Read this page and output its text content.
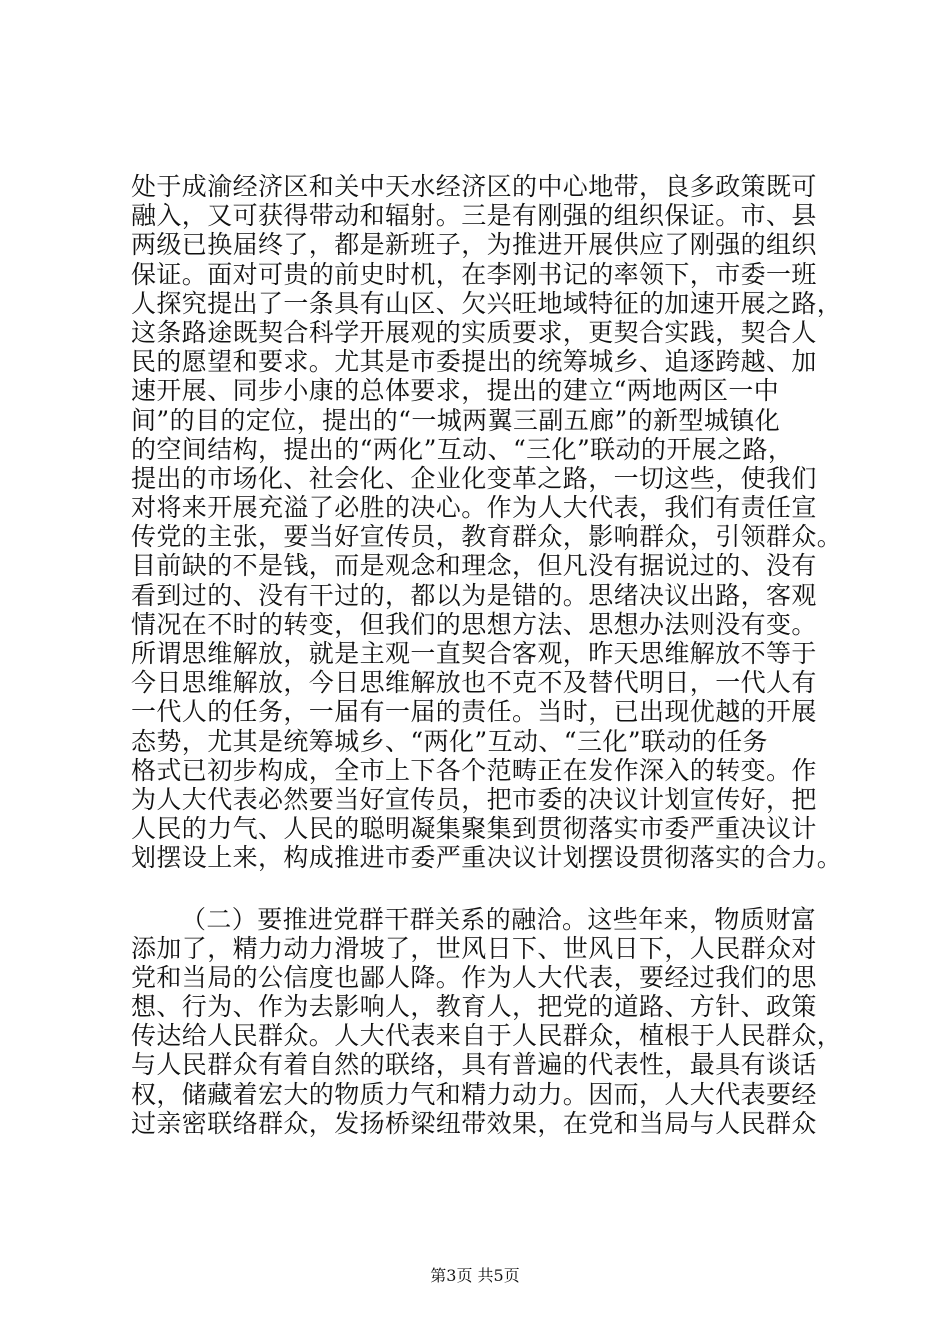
处于成渝经济区和关中天水经济区的中心地带，良多政策既可
融入，又可获得带动和辐射。三是有刚强的组织保证。市、县
两级已换届终了，都是新班子，为推进开展供应了刚强的组织
保证。面对可贵的前史时机，在李刚书记的率领下，市委一班
人探究提出了一条具有山区、欠兴旺地域特征的加速开展之路，
这条路途既契合科学开展观的实质要求，更契合实践，契合人
民的愿望和要求。尤其是市委提出的统筹城乡、追逐跨越、加
速开展、同步小康的总体要求，提出的建立“两地两区一中
间”的目的定位，提出的“一城两翼三副五廊”的新型城镇化
的空间结构，提出的“两化”互动、“三化”联动的开展之路，
提出的市场化、社会化、企业化变革之路，一切这些，使我们
对将来开展充溢了必胜的决心。作为人大代表，我们有责任宣
传党的主张，要当好宣传员，教育群众，影响群众，引领群众。
目前缺的不是钱，而是观念和理念，但凡没有据说过的、没有
看到过的、没有干过的，都以为是错的。思绪决议出路，客观
情况在不时的转变，但我们的思想方法、思想办法则没有变。
所谓思维解放，就是主观一直契合客观，昨天思维解放不等于
今日思维解放，今日思维解放也不克不及替代明日，一代人有
一代人的任务，一届有一届的责任。当时，已出现优越的开展
态势，尤其是统筹城乡、“两化”互动、“三化”联动的任务
格式已初步构成，全市上下各个范畴正在发作深入的转变。作
为人大代表必然要当好宣传员，把市委的决议计划宣传好，把
人民的力气、人民的聪明凝集聚集到贯彻落实市委严重决议计
划摆设上来，构成推进市委严重决议计划摆设贯彻落实的合力。
（二）要推进党群干群关系的融洽。这些年来，物质财富
添加了，精力动力滑坡了，世风日下、世风日下，人民群众对
党和当局的公信度也鄙人降。作为人大代表，要经过我们的思
想、行为、作为去影响人，教育人，把党的道路、方针、政策
传达给人民群众。人大代表来自于人民群众，植根于人民群众，
与人民群众有着自然的联络，具有普遍的代表性，最具有谈话
权，储藏着宏大的物质力气和精力动力。因而，人大代表要经
过亲密联络群众，发扬桥梁纽带效果，在党和当局与人民群众
第3页 共5页
